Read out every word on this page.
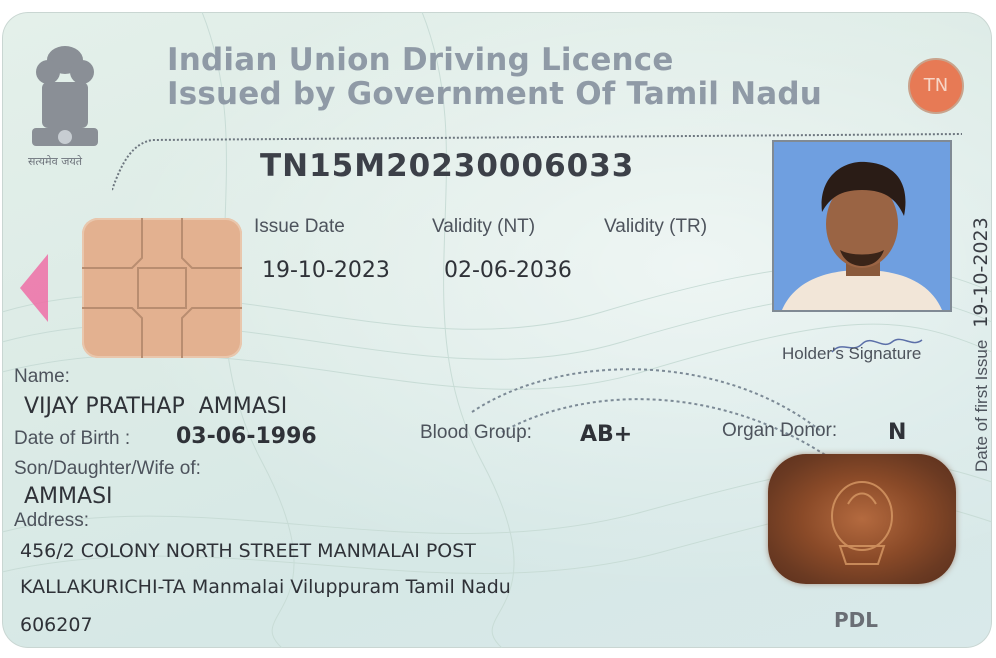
सत्यमेव जयते
Indian Union Driving Licence
Issued by Government Of Tamil Nadu	TN
TN15M20230006033
Holder's Signature	Date of first Issue19-10-2023
Issue Date	Validity (NT)	Validity (TR)
19-10-2023 02-06-2036
Name:
VIJAY PRATHAP  AMMASI
Date of Birth : 03-06-1996	Blood Group: AB+	Organ Donor: N
Son/Daughter/Wife of:
AMMASI
Address:
456/2 COLONY NORTH STREET MANMALAI POST
KALLAKURICHI-TA Manmalai Viluppuram Tamil Nadu
606207	PDL
